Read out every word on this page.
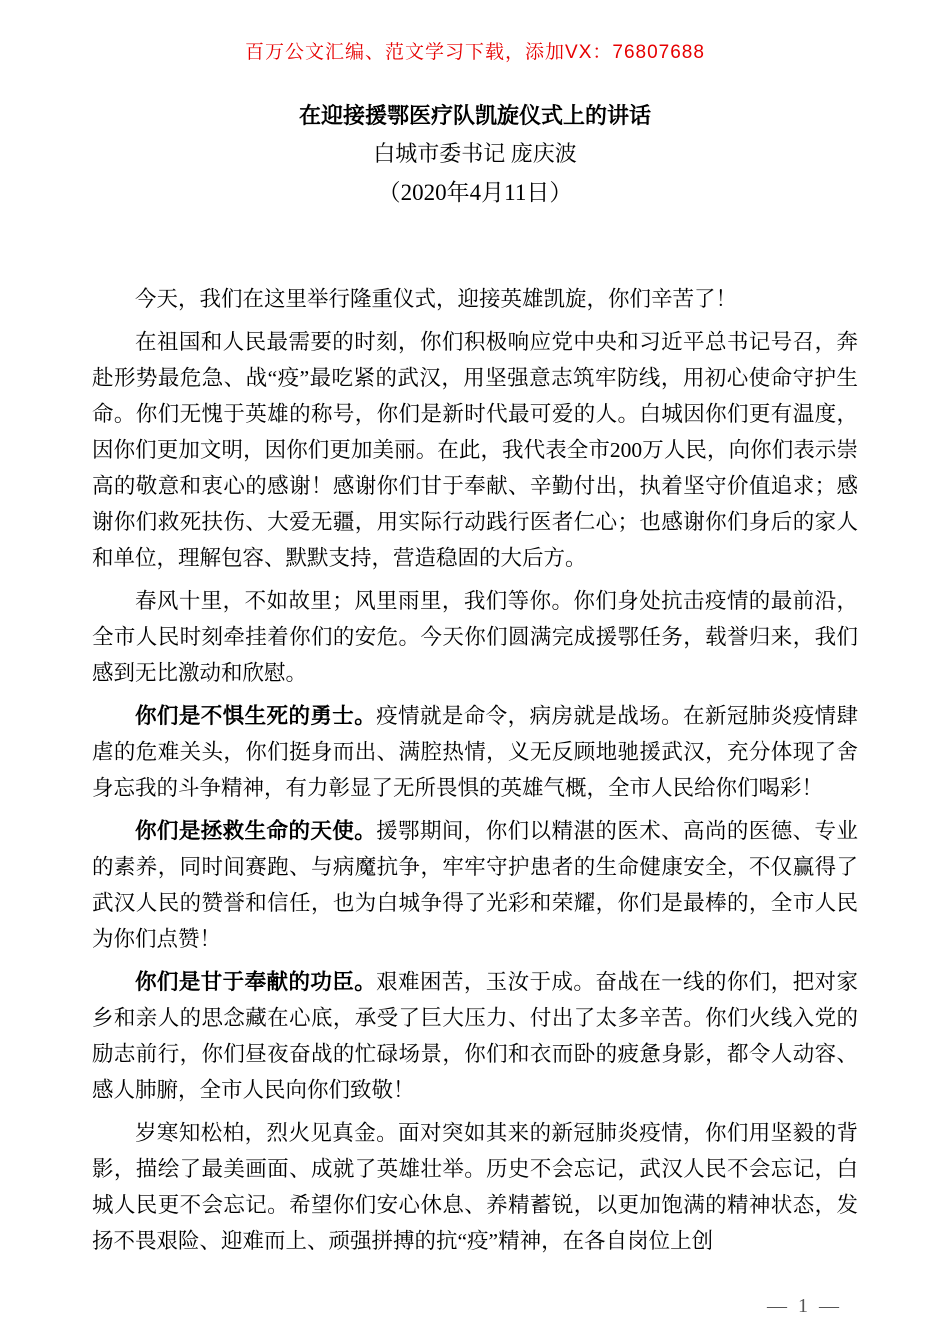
百万公文汇编、范文学习下载，添加VX：76807688
在迎接援鄂医疗队凯旋仪式上的讲话
白城市委书记 庞庆波
（2020年4月11日）

今天，我们在这里举行隆重仪式，迎接英雄凯旋，你们辛苦了！

在祖国和人民最需要的时刻，你们积极响应党中央和习近平总书记号召，奔赴形势最危急、战“疫”最吃紧的武汉，用坚强意志筑牢防线，用初心使命守护生命。你们无愧于英雄的称号，你们是新时代最可爱的人。白城因你们更有温度，因你们更加文明，因你们更加美丽。在此，我代表全市200万人民，向你们表示崇高的敬意和衷心的感谢！感谢你们甘于奉献、辛勤付出，执着坚守价值追求；感谢你们救死扶伤、大爱无疆，用实际行动践行医者仁心；也感谢你们身后的家人和单位，理解包容、默默支持，营造稳固的大后方。

春风十里，不如故里；风里雨里，我们等你。你们身处抗击疫情的最前沿，全市人民时刻牵挂着你们的安危。今天你们圆满完成援鄂任务，载誉归来，我们感到无比激动和欣慰。

你们是不惧生死的勇士。疫情就是命令，病房就是战场。在新冠肺炎疫情肆虐的危难关头，你们挺身而出、满腔热情，义无反顾地驰援武汉，充分体现了舍身忘我的斗争精神，有力彰显了无所畏惧的英雄气概，全市人民给你们喝彩！

你们是拯救生命的天使。援鄂期间，你们以精湛的医术、高尚的医德、专业的素养，同时间赛跑、与病魔抗争，牢牢守护患者的生命健康安全，不仅赢得了武汉人民的赞誉和信任，也为白城争得了光彩和荣耀，你们是最棒的，全市人民为你们点赞！

你们是甘于奉献的功臣。艰难困苦，玉汝于成。奋战在一线的你们，把对家乡和亲人的思念藏在心底，承受了巨大压力、付出了太多辛苦。你们火线入党的励志前行，你们昼夜奋战的忙碌场景，你们和衣而卧的疲惫身影，都令人动容、感人肺腑，全市人民向你们致敬！

岁寒知松柏，烈火见真金。面对突如其来的新冠肺炎疫情，你们用坚毅的背影，描绘了最美画面、成就了英雄壮举。历史不会忘记，武汉人民不会忘记，白城人民更不会忘记。希望你们安心休息、养精蓄锐，以更加饱满的精神状态，发扬不畏艰险、迎难而上、顽强拼搏的抗“疫”精神，在各自岗位上创

— 1 —
